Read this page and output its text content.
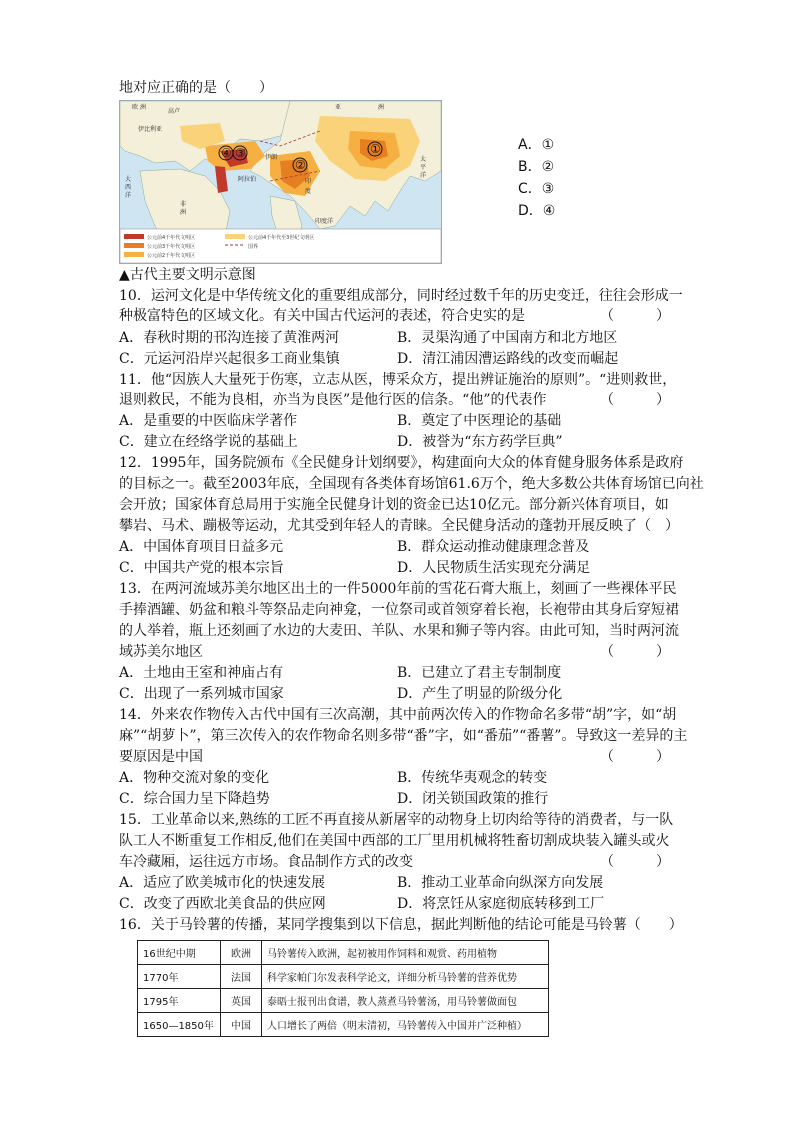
地对应正确的是（　　）
①
②
③
④
高卢
伊比利亚
亚
阿拉伯
伊朗
印
度
洲
太
平
洋
大
西
洋
非
洲
欧 洲
印度洋
公元前4千年代文明区
公元前3千年代文明区
公元前2千年代文明区
公元前4千年代至3世纪文明区
国界
A．①
B．②
C．③
D．④
▲古代主要文明示意图
10．运河文化是中华传统文化的重要组成部分，同时经过数千年的历史变迁，往往会形成一
种极富特色的区域文化。有关中国古代运河的表述，符合史实的是	（　　　）
A．春秋时期的邗沟连接了黄淮两河	B．灵渠沟通了中国南方和北方地区
C．元运河沿岸兴起很多工商业集镇	D．清江浦因漕运路线的改变而崛起
11．他“因族人大量死于伤寒，立志从医，博采众方，提出辨证施治的原则”。“进则救世，
退则救民，不能为良相，亦当为良医”是他行医的信条。“他”的代表作	（　　　）
A．是重要的中医临床学著作	B．奠定了中医理论的基础
C．建立在经络学说的基础上	D．被誉为“东方药学巨典”
12．1995年，国务院颁布《全民健身计划纲要》，构建面向大众的体育健身服务体系是政府
的目标之一。截至2003年底，全国现有各类体育场馆61.6万个，绝大多数公共体育场馆已向社
会开放；国家体育总局用于实施全民健身计划的资金已达10亿元。部分新兴体育项目，如
攀岩、马术、蹦极等运动，尤其受到年轻人的青睐。全民健身活动的蓬勃开展反映了（　）
A．中国体育项目日益多元	B．群众运动推动健康理念普及
C．中国共产党的根本宗旨	D．人民物质生活实现充分满足
13．在两河流域苏美尔地区出土的一件5000年前的雪花石膏大瓶上，刻画了一些裸体平民
手捧酒罐、奶盆和粮斗等祭品走向神龛，一位祭司或首领穿着长袍，长袍带由其身后穿短裙
的人举着，瓶上还刻画了水边的大麦田、羊队、水果和狮子等内容。由此可知，当时两河流
域苏美尔地区	（　　　）
A．土地由王室和神庙占有	B．已建立了君主专制制度
C．出现了一系列城市国家	D．产生了明显的阶级分化
14．外来农作物传入古代中国有三次高潮，其中前两次传入的作物命名多带“胡”字，如“胡
麻”“胡萝卜”，第三次传入的农作物命名则多带“番”字，如“番茄”“番薯”。导致这一差异的主
要原因是中国	（　　　）
A．物种交流对象的变化	B．传统华夷观念的转变
C．综合国力呈下降趋势	D．闭关锁国政策的推行
15．工业革命以来,熟练的工匠不再直接从新屠宰的动物身上切肉给等待的消费者，与一队
队工人不断重复工作相反,他们在美国中西部的工厂里用机械将牲畜切割成块装入罐头或火
车冷藏厢，运往远方市场。食品制作方式的改变	（　　　）
A．适应了欧美城市化的快速发展	B．推动工业革命向纵深方向发展
C．改变了西欧北美食品的供应网	D．将烹饪从家庭彻底转移到工厂
16．关于马铃薯的传播，某同学搜集到以下信息，据此判断他的结论可能是马铃薯（　　）
16世纪中期	欧洲	马铃薯传入欧洲，起初被用作饲料和观赏、药用植物
1770年	法国	科学家帕门尔发表科学论文，详细分析马铃薯的营养优势
1795年	英国	泰晤士报刊出食谱，教人蒸煮马铃薯汤，用马铃薯做面包
1650—1850年	中国	人口增长了两倍（明末清初，马铃薯传入中国并广泛种植）
